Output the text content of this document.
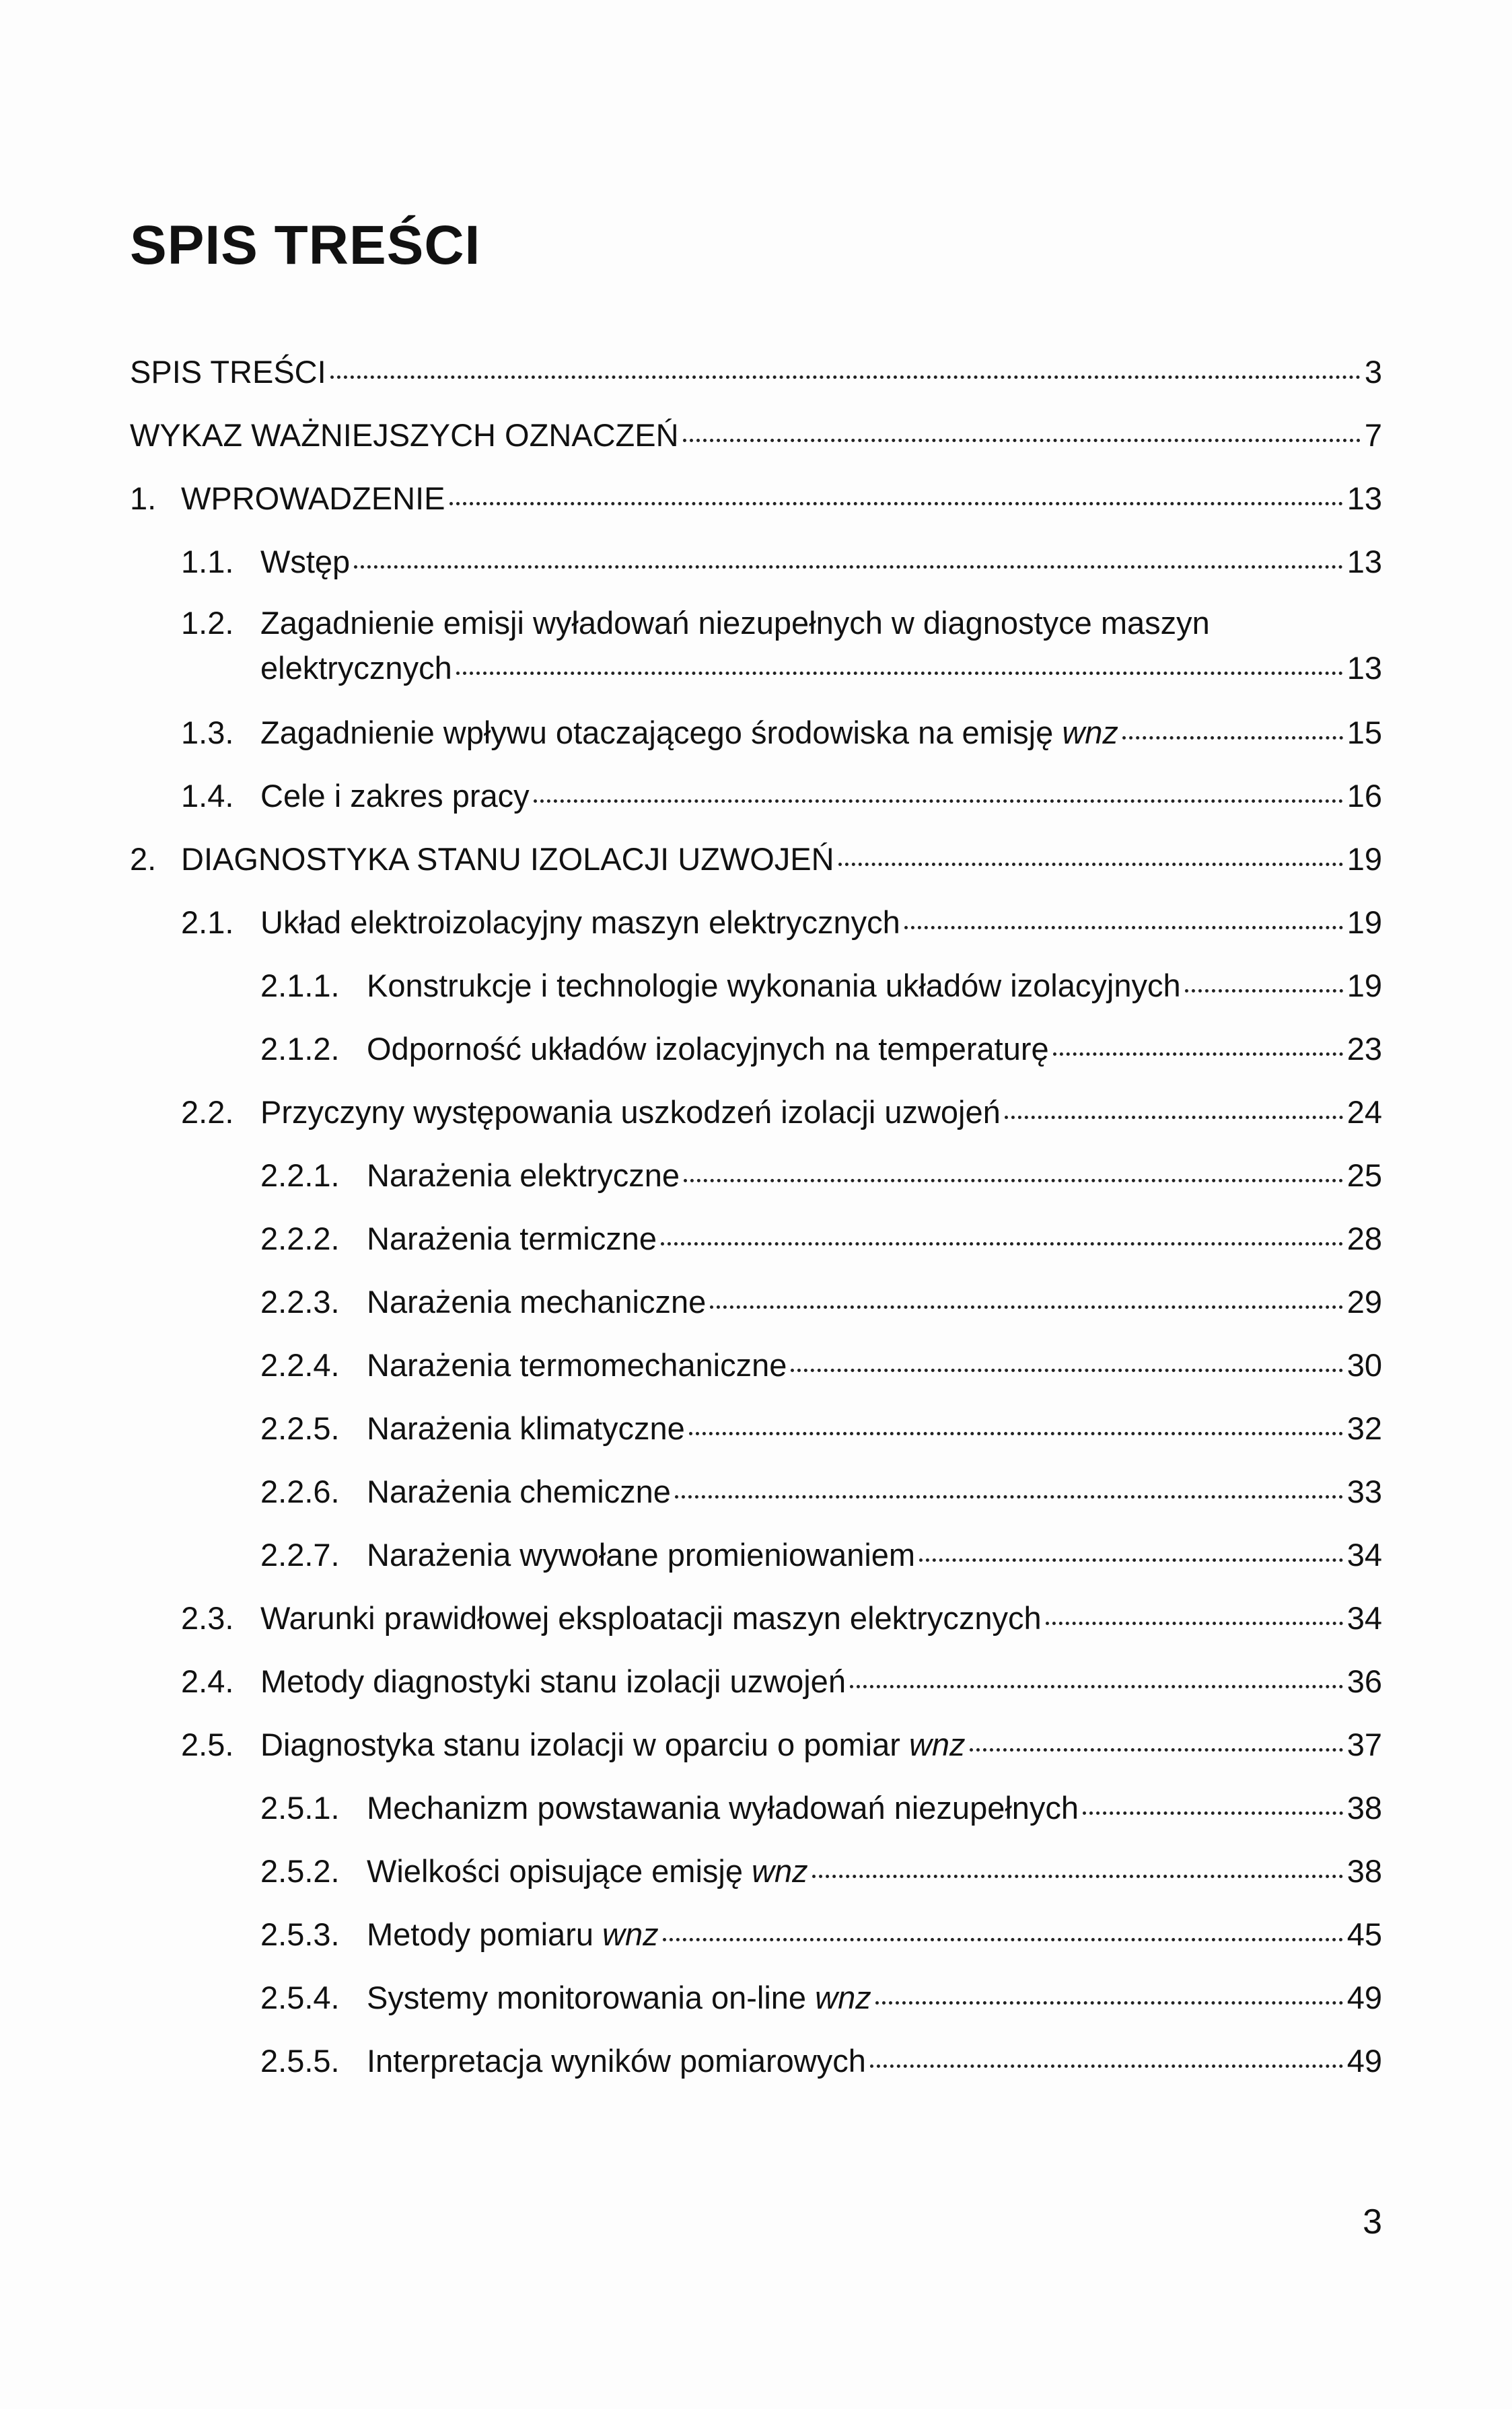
SPIS TREŚCI
SPIS TREŚCI	3
WYKAZ WAŻNIEJSZYCH OZNACZEŃ	7
1. WPROWADZENIE	13
1.1. Wstęp	13
1.2. Zagadnienie emisji wyładowań niezupełnych w diagnostyce maszyn
elektrycznych	13
1.3. Zagadnienie wpływu otaczającego środowiska na emisję wnz	15
1.4. Cele i zakres pracy	16
2. DIAGNOSTYKA STANU IZOLACJI UZWOJEŃ	19
2.1. Układ elektroizolacyjny maszyn elektrycznych	19
2.1.1. Konstrukcje i technologie wykonania układów izolacyjnych	19
2.1.2. Odporność układów izolacyjnych na temperaturę	23
2.2. Przyczyny występowania uszkodzeń izolacji uzwojeń	24
2.2.1. Narażenia elektryczne	25
2.2.2. Narażenia termiczne	28
2.2.3. Narażenia mechaniczne	29
2.2.4. Narażenia termomechaniczne	30
2.2.5. Narażenia klimatyczne	32
2.2.6. Narażenia chemiczne	33
2.2.7. Narażenia wywołane promieniowaniem	34
2.3. Warunki prawidłowej eksploatacji maszyn elektrycznych	34
2.4. Metody diagnostyki stanu izolacji uzwojeń	36
2.5. Diagnostyka stanu izolacji w oparciu o pomiar wnz	37
2.5.1. Mechanizm powstawania wyładowań niezupełnych	38
2.5.2. Wielkości opisujące emisję wnz	38
2.5.3. Metody pomiaru wnz	45
2.5.4. Systemy monitorowania on-line wnz	49
2.5.5. Interpretacja wyników pomiarowych	49
3
